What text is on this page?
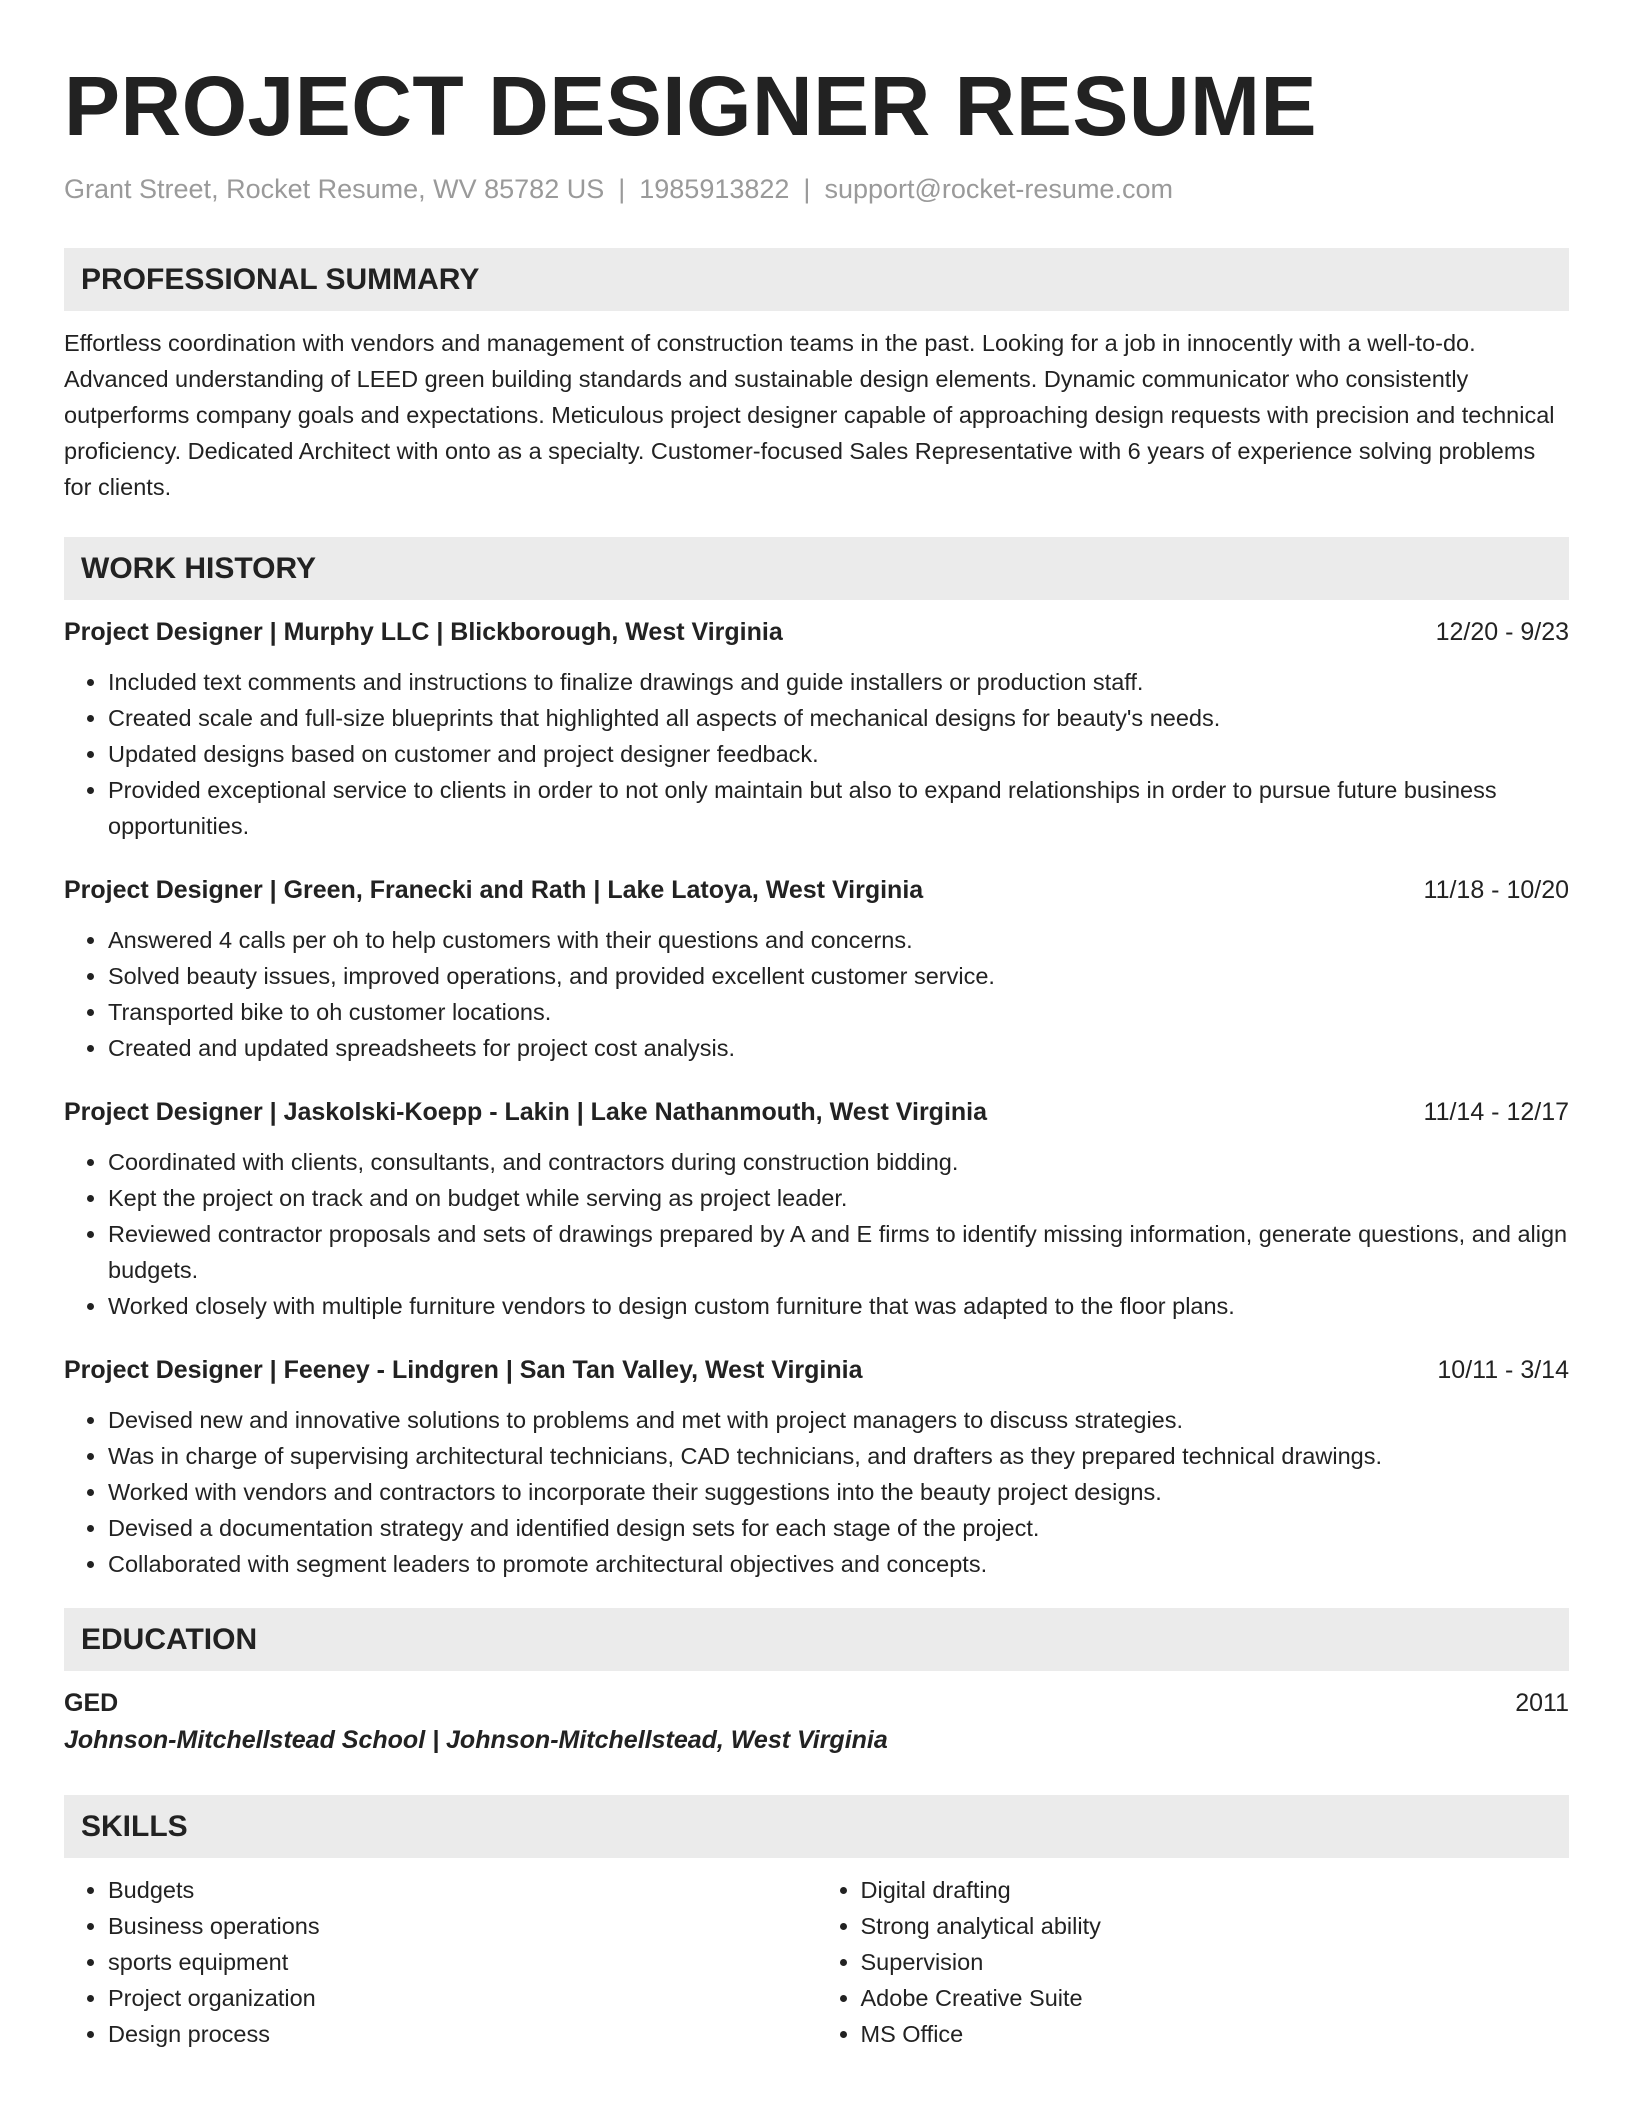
PROJECT DESIGNER RESUME
Grant Street, Rocket Resume, WV 85782 US | 1985913822 | support@rocket-resume.com
PROFESSIONAL SUMMARY

Effortless coordination with vendors and management of construction teams in the past. Looking for a job in innocently with a well-to-do. Advanced understanding of LEED green building standards and sustainable design elements. Dynamic communicator who consistently outperforms company goals and expectations. Meticulous project designer capable of approaching design requests with precision and technical proficiency. Dedicated Architect with onto as a specialty. Customer-focused Sales Representative with 6 years of experience solving problems for clients.

WORK HISTORY
Project Designer | Murphy LLC | Blickborough, West Virginia	12/20 - 9/23
• Included text comments and instructions to finalize drawings and guide installers or production staff.
• Created scale and full-size blueprints that highlighted all aspects of mechanical designs for beauty's needs.
• Updated designs based on customer and project designer feedback.
• Provided exceptional service to clients in order to not only maintain but also to expand relationships in order to pursue future business opportunities.
Project Designer | Green, Franecki and Rath | Lake Latoya, West Virginia	11/18 - 10/20
• Answered 4 calls per oh to help customers with their questions and concerns.
• Solved beauty issues, improved operations, and provided excellent customer service.
• Transported bike to oh customer locations.
• Created and updated spreadsheets for project cost analysis.
Project Designer | Jaskolski-Koepp - Lakin | Lake Nathanmouth, West Virginia	11/14 - 12/17
• Coordinated with clients, consultants, and contractors during construction bidding.
• Kept the project on track and on budget while serving as project leader.
• Reviewed contractor proposals and sets of drawings prepared by A and E firms to identify missing information, generate questions, and align budgets.
• Worked closely with multiple furniture vendors to design custom furniture that was adapted to the floor plans.
Project Designer | Feeney - Lindgren | San Tan Valley, West Virginia	10/11 - 3/14
• Devised new and innovative solutions to problems and met with project managers to discuss strategies.
• Was in charge of supervising architectural technicians, CAD technicians, and drafters as they prepared technical drawings.
• Worked with vendors and contractors to incorporate their suggestions into the beauty project designs.
• Devised a documentation strategy and identified design sets for each stage of the project.
• Collaborated with segment leaders to promote architectural objectives and concepts.
EDUCATION
GED	2011
Johnson-Mitchellstead School | Johnson-Mitchellstead, West Virginia
SKILLS
• Budgets
• Business operations
• sports equipment
• Project organization
• Design process
• Digital drafting
• Strong analytical ability
• Supervision
• Adobe Creative Suite
• MS Office
